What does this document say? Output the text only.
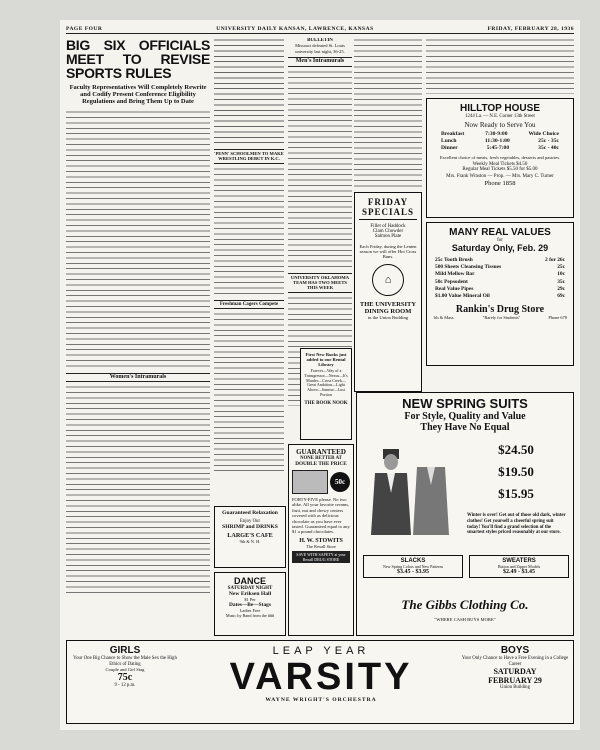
PAGE FOUR	UNIVERSITY DAILY KANSAN, LAWRENCE, KANSAS	FRIDAY, FEBRUARY 28, 1936
BIG SIX OFFICIALS MEET TO REVISE SPORTS RULES
Faculty Representatives Will Completely Rewrite and Codify Present Conference Eligibility Regulations and Bring Them Up to Date
Women's Intramurals
'PENN' SCHOOLMEN TO MAKE WRESTLING DEBUT IN K.C.
Freshman Cagers Compete
BULLETIN
Missouri defeated St. Louis university last night, 36-25.
Men's Intramurals
UNIVERSITY OKLAHOMA TEAM HAS TWO MEETS THIS WEEK
FRIDAY SPECIALS
Fillet of Haddock
Clam Chowder
Salmon Plate
Each Friday, during the Lenten season we will offer Hot Cross Buns.
⌂
THE UNIVERSITY DINING ROOM
in the Union Building
HILLTOP HOUSE
1244 La. — N.E. Corner 13th Street
Now Ready to Serve You
Breakfast	7:30-9:00	Wide Choice
Lunch	11:30-1:00	25c - 35c
Dinner	5:45-7:00	35c - 40c
Excellent choice of meats, fresh vegetables, desserts and pastries.
Weekly Meal Tickets $4.50
Regular Meal Tickets $5.50 for $5.00
Mrs. Frank Winston — Prop. — Mrs. Mary C. Turner
Phone 1858
MANY REAL VALUES
for
Saturday Only, Feb. 29
25c Tooth Brush	2 for 26c
500 Sheets Cleansing Tissues	25c
Mild Mellow Bar	10c
50c Pepsodent	35c
Real Value Pipes	29c
$1.00 Value Mineral Oil	69c
Rankin's Drug Store
1th & Mass.	"Rarely for Students"	Phone 678
First New Books just added to our Rental Library
Forever—Way of a Transgressor—Nexus—It's Murder—Cross Creek—Great Ambition—Light Above—Sunrise—Lust Portion
THE BOOK NOOK
GUARANTEED
NONE BETTER AT
DOUBLE THE PRICE
50c
FORTY-FIVE please. No two alike. All your favorite creams, fruit, nut and chewy centers covered with as delicious chocolate as you have ever tasted. Guaranteed equal to any $1 a pound chocolates.
H. W. STOWITS
The Rexall Store
SAVE WITH SAFETY at your Rexall DRUG STORE
Guaranteed Relaxation
Enjoy Our
SHRIMP and DRINKS
LARGE'S CAFE
9th & N. H.
DANCE
SATURDAY NIGHT
New Eriksen Hall
$1 Per
Dates—Be—Stags
Ladies Free
Music by Band from the ###
NEW SPRING SUITS
For Style, Quality and Value
They Have No Equal
$24.50
$19.50
$15.95
Winter is over! Get out of those old dark, winter clothes! Get yourself a cheerful spring suit today! You'll find a grand selection of the smartest styles priced reasonably at our store.
SLACKS
New Spring Colors and New Patterns
$3.45 - $3.95
SWEATERS
Button and Zipper Models
$2.49 - $3.45
The Gibbs Clothing Co.
"WHERE CASH BUYS MORE"
GIRLS
Your One Big Chance to Show the Male Sex the High Ethics of Dating
Couple and Girl Stag
75c
9 - 12 p.m.
LEAP YEAR
VARSITY
WAYNE WRIGHT'S ORCHESTRA
BOYS
Your Only Chance to Have a Free Evening in a College Career
SATURDAY
FEBRUARY 29
Union Building
